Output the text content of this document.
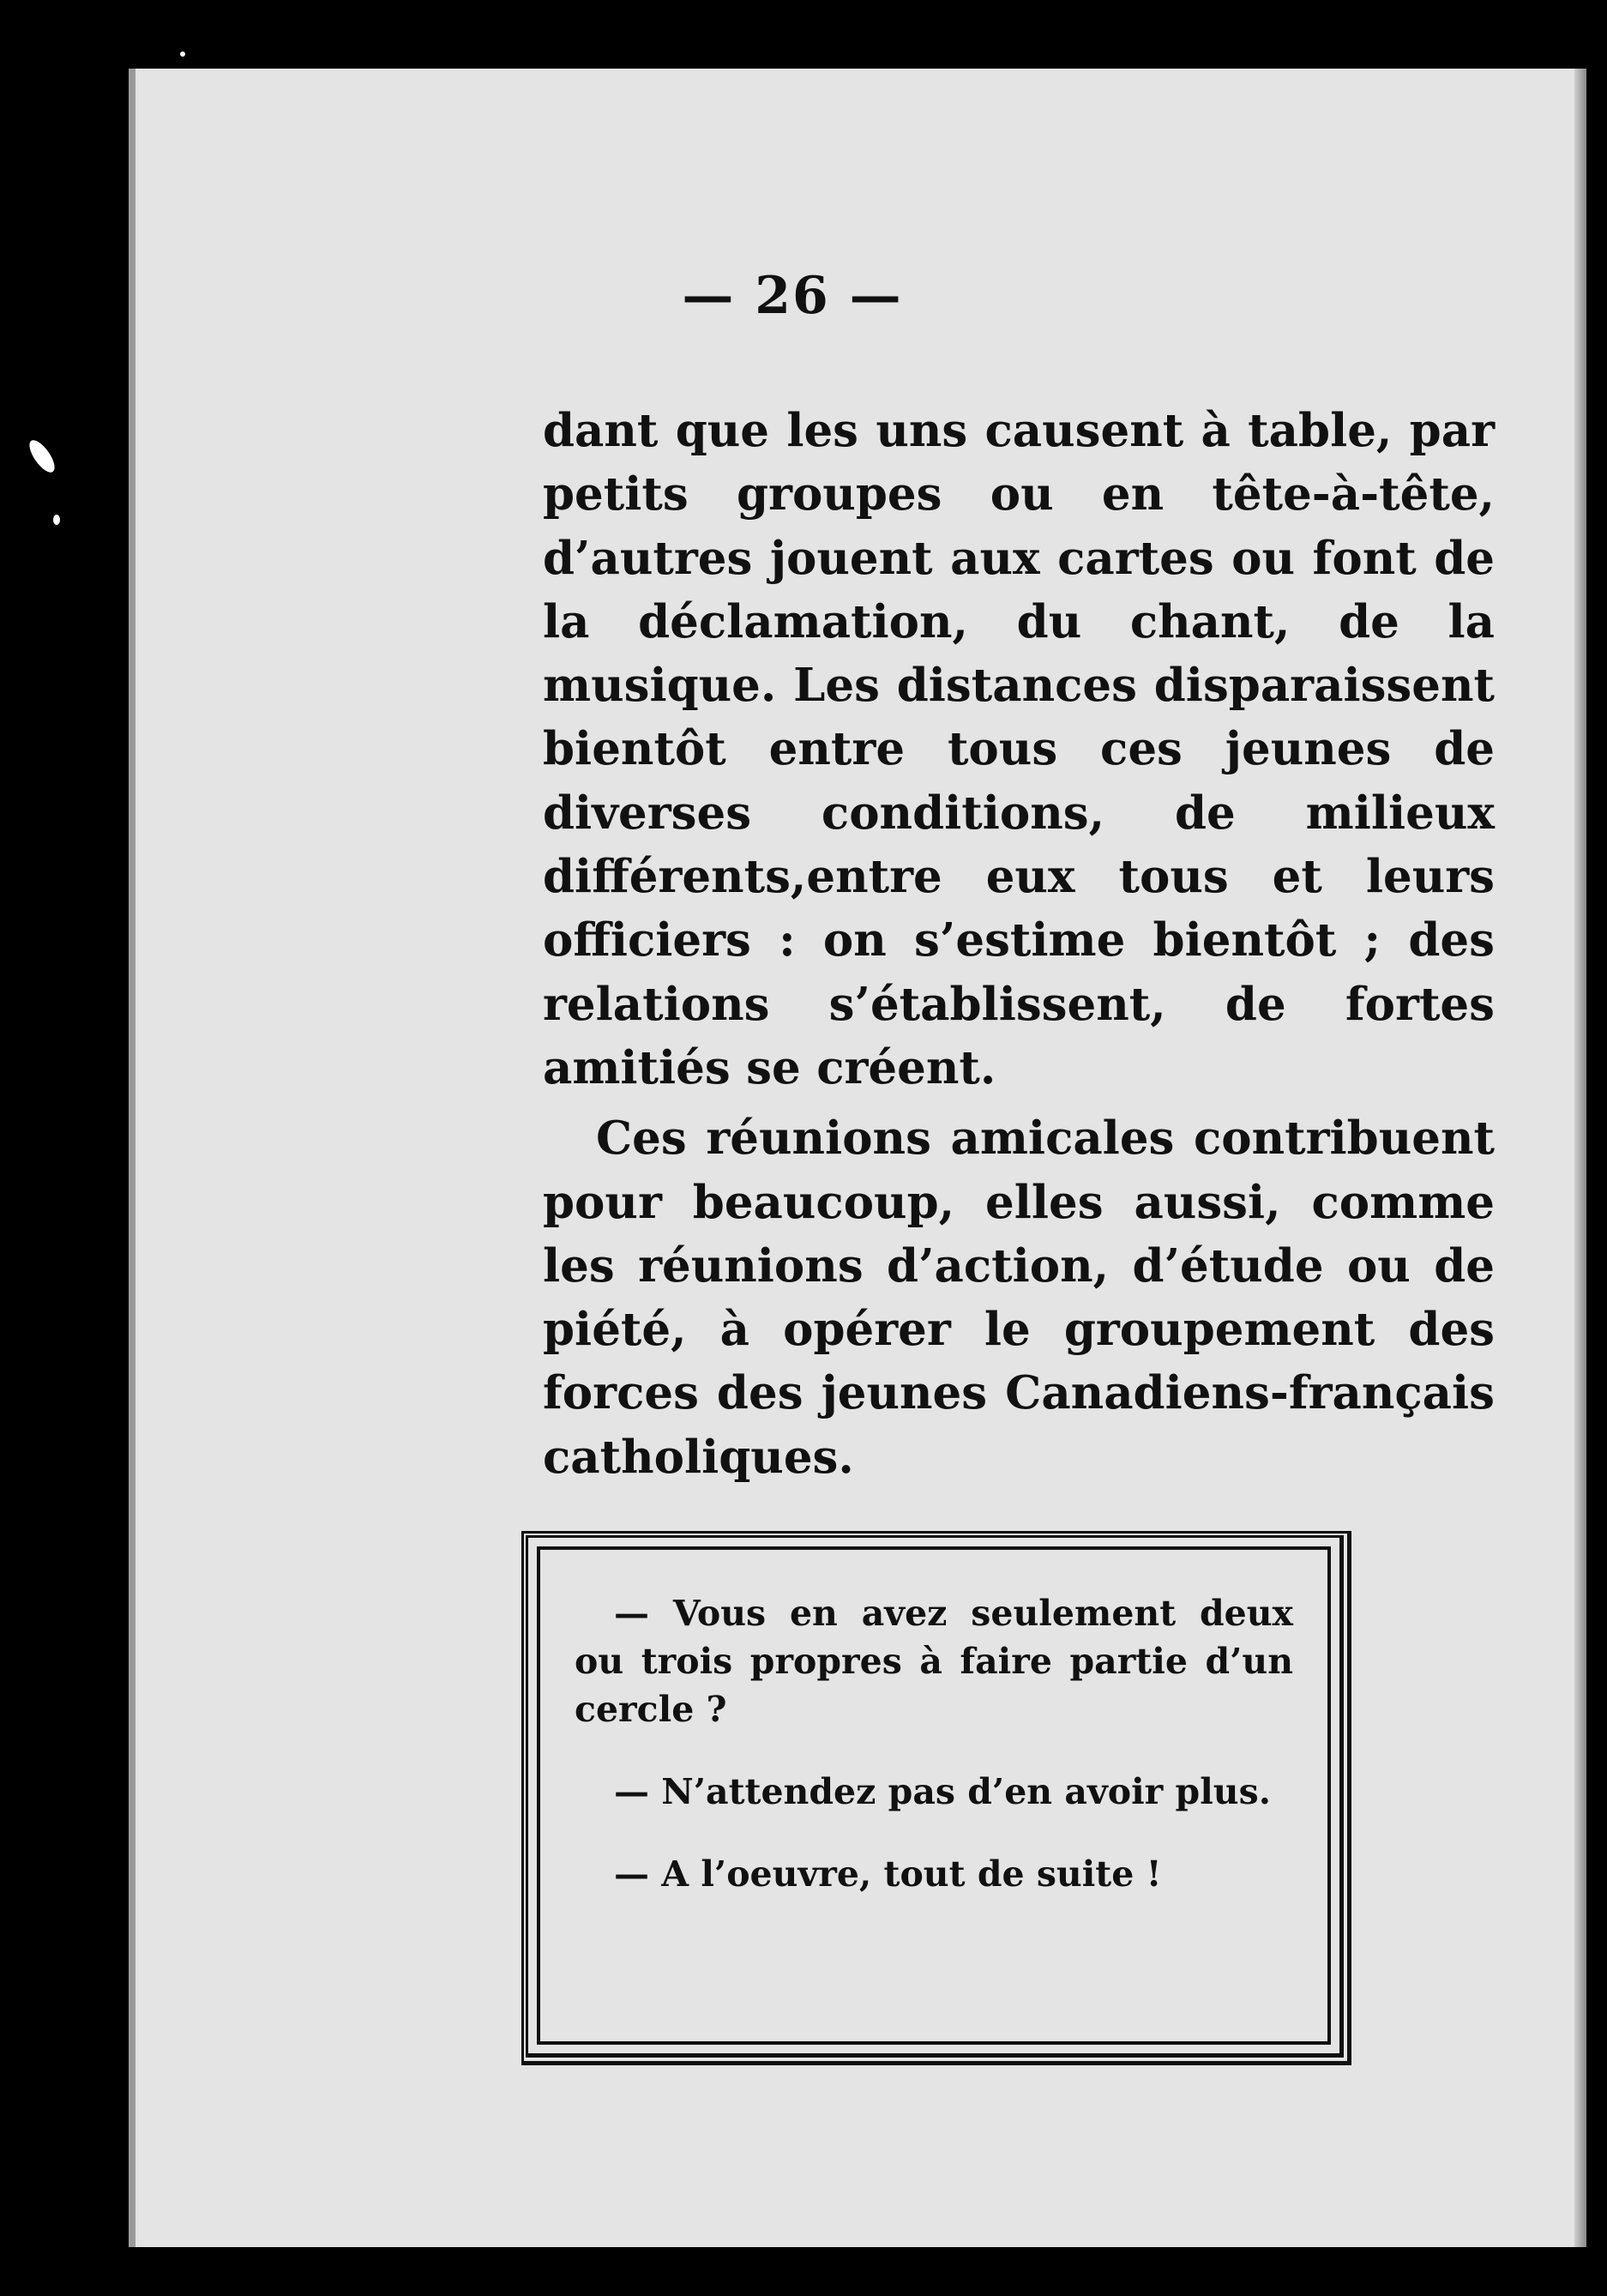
— 26 —

dant que les uns causent à table, par petits groupes ou en tête-à-tête, d’autres jouent aux cartes ou font de la déclamation, du chant, de la musique. Les distances disparaissent bientôt entre tous ces jeunes de diverses conditions, de milieux différents,entre eux tous et leurs officiers : on s’estime bientôt ; des relations s’établissent, de fortes amitiés se créent.

Ces réunions amicales contribuent pour beaucoup, elles aussi, comme les réunions d’action, d’étude ou de piété, à opérer le groupement des forces des jeunes Canadiens-français catholiques.

— Vous en avez seulement deux ou trois propres à faire partie d’un cercle ?

— N’attendez pas d’en avoir plus.

— A l’oeuvre, tout de suite !
